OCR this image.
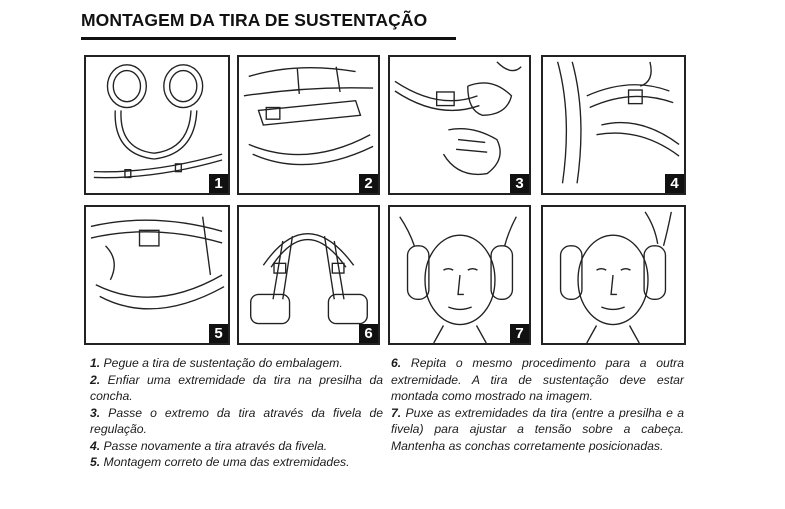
MONTAGEM DA TIRA DE SUSTENTAÇÃO
1	2	3	4
5	6	7

1. Pegue a tira de sustentação do embalagem.

2. Enfiar uma extremidade da tira na presilha da concha.

3. Passe o extremo da tira através da fivela de regulação.

4. Passe novamente a tira através da fivela.

5. Montagem correto de uma das extremidades.

6. Repita o mesmo procedimento para a outra extremidade. A tira de sustentação deve estar montada como mostrado na imagem.

7. Puxe as extremidades da tira (entre a presilha e a fivela) para ajustar a tensão sobre a cabeça. Mantenha as conchas corretamente posicionadas.
